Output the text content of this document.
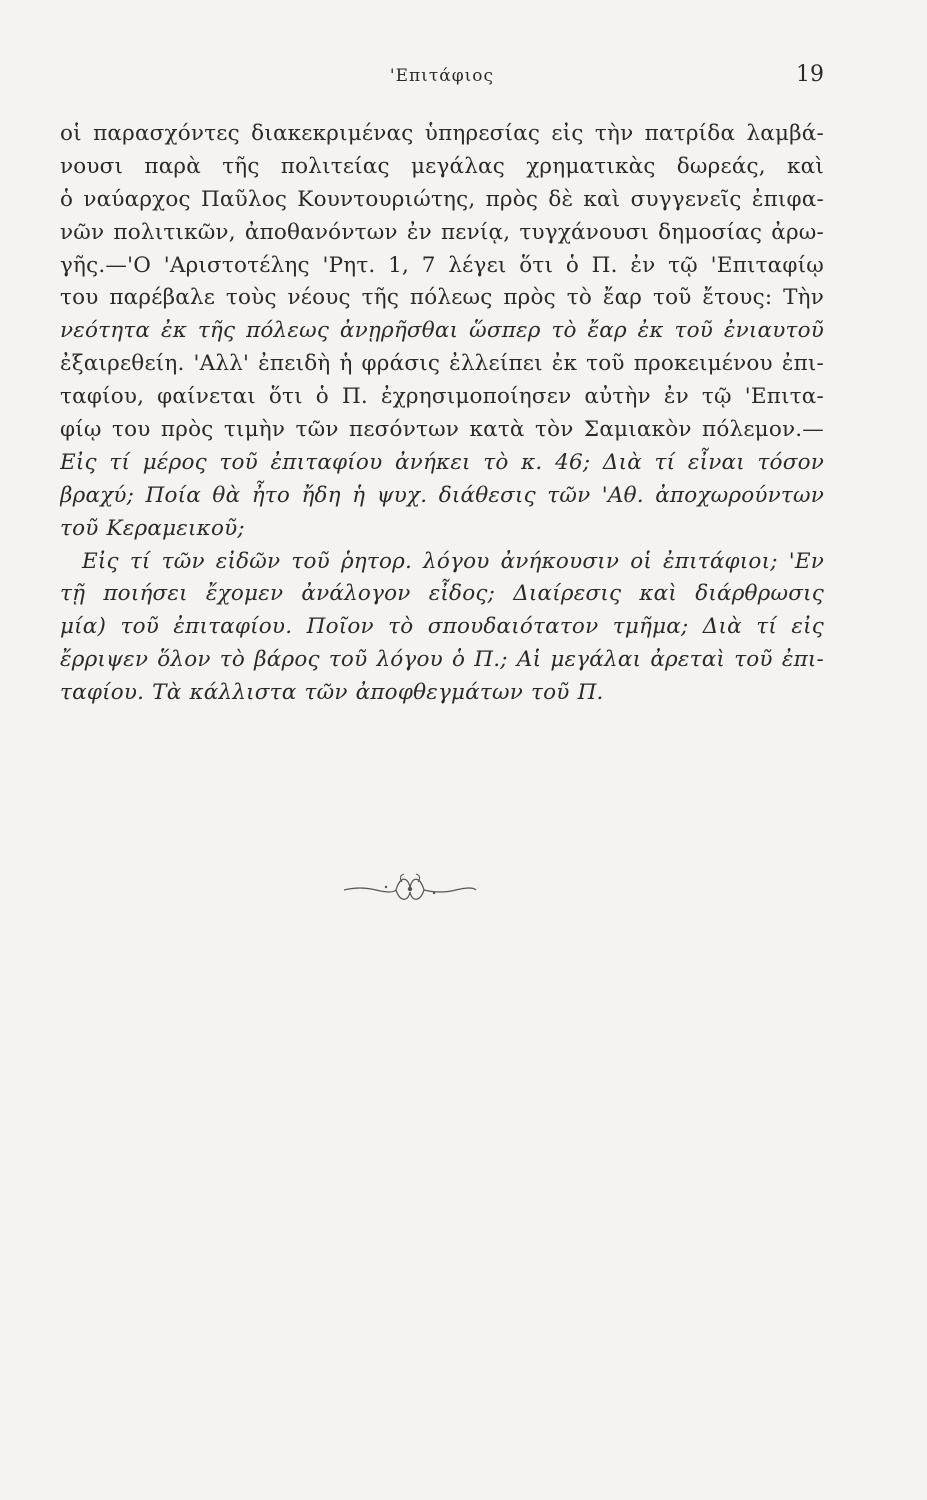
'Επιτάφιος	19
οἱ παρασχόντες διακεκριμένας ὑπηρεσίας εἰς τὴν πατρίδα λαμβά-
νουσι παρὰ τῆς πολιτείας μεγάλας χρηματικὰς δωρεάς, καὶ
ὁ ναύαρχος Παῦλος Κουντουριώτης, πρὸς δὲ καὶ συγγενεῖς ἐπιφα-
νῶν πολιτικῶν, ἀποθανόντων ἐν πενίᾳ, τυγχάνουσι δημοσίας ἀρω-
γῆς.—'Ο 'Αριστοτέλης 'Ρητ. 1, 7 λέγει ὅτι ὁ Π. ἐν τῷ 'Επιταφίῳ
του παρέβαλε τοὺς νέους τῆς πόλεως πρὸς τὸ ἔαρ τοῦ ἔτους: Τὴν
νεότητα ἐκ τῆς πόλεως ἀνῃρῆσθαι ὥσπερ τὸ ἔαρ ἐκ τοῦ ἐνιαυτοῦ
ἐξαιρεθείη. 'Αλλ' ἐπειδὴ ἡ φράσις ἐλλείπει ἐκ τοῦ προκειμένου ἐπι-
ταφίου, φαίνεται ὅτι ὁ Π. ἐχρησιμοποίησεν αὐτὴν ἐν τῷ 'Επιτα-
φίῳ του πρὸς τιμὴν τῶν πεσόντων κατὰ τὸν Σαμιακὸν πόλεμον.—
Εἰς τί μέρος τοῦ ἐπιταφίου ἀνήκει τὸ κ. 46; Διὰ τί εἶναι τόσον
βραχύ; Ποία θὰ ἦτο ἤδη ἡ ψυχ. διάθεσις τῶν 'Αθ. ἀποχωρούντων
τοῦ Κεραμεικοῦ;
Εἰς τί τῶν εἰδῶν τοῦ ῥητορ. λόγου ἀνήκουσιν οἱ ἐπιτάφιοι; 'Εν
τῇ ποιήσει ἔχομεν ἀνάλογον εἶδος; Διαίρεσις καὶ διάρθρωσις
μία) τοῦ ἐπιταφίου. Ποῖον τὸ σπουδαιότατον τμῆμα; Διὰ τί εἰς
ἔρριψεν ὅλον τὸ βάρος τοῦ λόγου ὁ Π.; Αἱ μεγάλαι ἀρεταὶ τοῦ ἐπι-
ταφίου. Τὰ κάλλιστα τῶν ἀποφθεγμάτων τοῦ Π.
